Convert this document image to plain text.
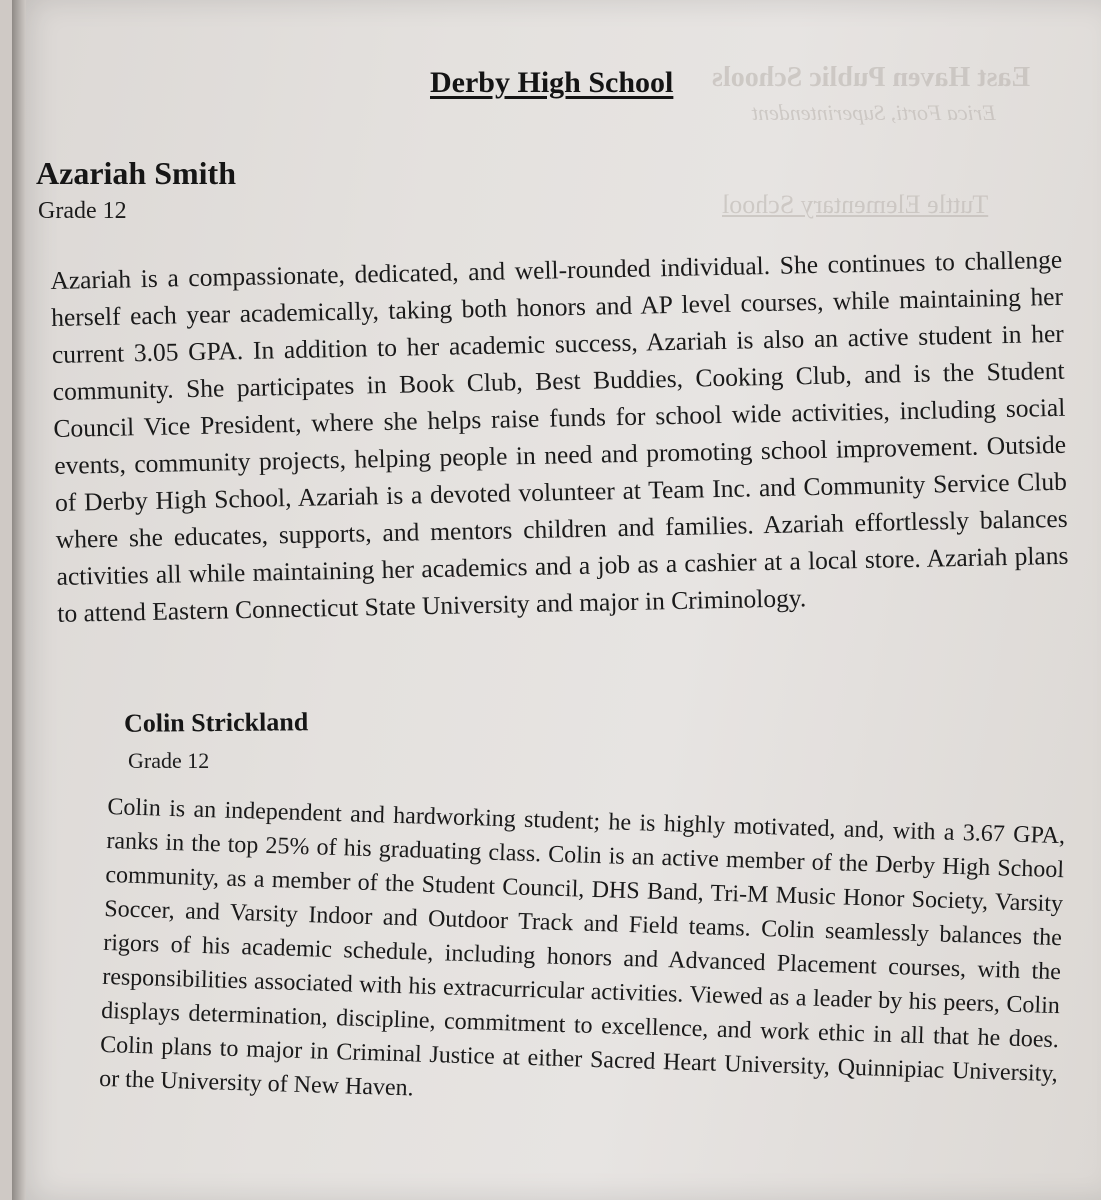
East Haven Public Schools
Erica Forti, Superintendent
Tuttle Elementary School
Derby High School
Azariah Smith
Grade 12
Azariah is a compassionate, dedicated, and well-rounded individual. She continues to challenge herself each year academically, taking both honors and AP level courses, while maintaining her current 3.05 GPA. In addition to her academic success, Azariah is also an active student in her community. She participates in Book Club, Best Buddies, Cooking Club, and is the Student Council Vice President, where she helps raise funds for school wide activities, including social events, community projects, helping people in need and promoting school improvement. Outside of Derby High School, Azariah is a devoted volunteer at Team Inc. and Community Service Club where she educates, supports, and mentors children and families. Azariah effortlessly balances activities all while maintaining her academics and a job as a cashier at a local store. Azariah plans to attend Eastern Connecticut State University and major in Criminology.
Colin Strickland
Grade 12
Colin is an independent and hardworking student; he is highly motivated, and, with a 3.67 GPA, ranks in the top 25% of his graduating class. Colin is an active member of the Derby High School community, as a member of the Student Council, DHS Band, Tri-M Music Honor Society, Varsity Soccer, and Varsity Indoor and Outdoor Track and Field teams. Colin seamlessly balances the rigors of his academic schedule, including honors and Advanced Placement courses, with the responsibilities associated with his extracurricular activities. Viewed as a leader by his peers, Colin displays determination, discipline, commitment to excellence, and work ethic in all that he does. Colin plans to major in Criminal Justice at either Sacred Heart University, Quinnipiac University, or the University of New Haven.
